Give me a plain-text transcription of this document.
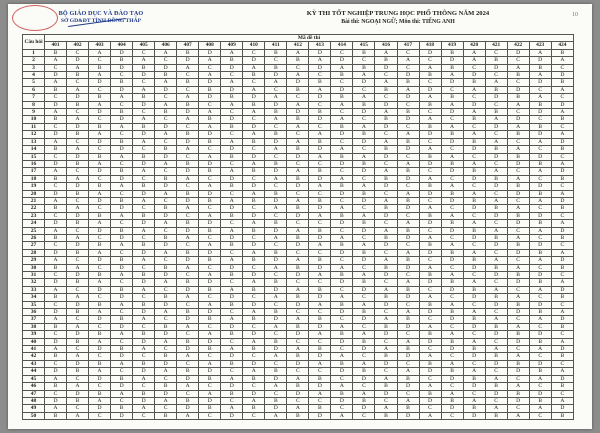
BỘ GIÁO DỤC VÀ ĐÀO TẠO
SỞ GD&ĐT TỈNH ĐỒNG THÁP
KỲ THI TỐT NGHIỆP TRUNG HỌC PHỔ THÔNG NĂM 2024
Bài thi: NGOẠI NGỮ; Môn thi: TIẾNG ANH
10
Câu hỏi	Mã đề thi																							
	401	402	403	404	405	406	407	408	409	410	411	412	413	414	415	416	417	418	419	420	421	422	423	424
1	B	C	A	D	C	A	B	D	A	C	B	A	D	C	B	A	C	D	B	A	C	D	A	B
2	A	D	C	B	A	C	D	A	B	D	C	B	A	D	C	B	A	C	D	A	B	C	D	A
3	C	A	B	D	B	D	A	C	D	A	B	C	D	A	B	D	C	A	B	C	D	A	B	C
4	D	B	A	C	D	B	C	A	C	B	D	A	C	B	A	C	D	B	A	D	C	B	A	D
5	A	C	D	B	C	A	B	D	A	C	A	D	B	C	D	A	B	C	D	B	A	C	D	B
6	B	A	C	D	A	D	C	B	D	A	C	B	A	D	C	B	A	D	C	A	B	D	C	A
7	C	D	B	A	B	C	A	D	B	D	A	C	D	B	A	C	D	A	B	C	D	B	A	C
8	D	B	A	C	D	A	B	C	A	B	D	A	C	A	B	D	C	B	A	D	C	A	B	D
9	A	C	D	B	C	B	D	A	C	A	B	D	B	C	D	A	B	C	D	A	B	C	D	A
10	B	A	C	D	A	C	A	B	D	C	A	B	D	A	C	B	D	A	C	B	A	D	C	B
11	C	D	B	A	B	D	C	A	B	D	C	A	C	B	A	D	C	B	A	C	D	A	B	C
12	D	B	A	C	D	A	B	D	C	A	B	C	A	D	B	C	A	D	B	A	C	B	D	A
13	A	C	D	B	A	C	D	B	A	B	D	A	B	C	D	A	B	C	D	B	A	C	A	D
14	B	A	C	D	C	B	A	C	D	C	A	B	D	A	C	B	D	A	C	D	B	A	C	B
15	C	D	B	A	B	D	C	A	B	D	C	D	A	B	A	D	C	B	A	C	D	B	D	C
16	D	B	A	C	D	A	B	D	C	A	B	C	C	D	B	C	A	D	B	A	C	D	B	A
17	A	C	D	B	A	C	D	B	A	B	D	A	B	C	D	A	B	C	D	B	A	C	A	D
18	B	A	C	D	C	B	A	C	D	C	A	B	D	A	C	B	D	A	C	D	B	A	C	B
19	C	D	B	A	B	D	C	A	B	D	C	D	A	B	A	D	C	B	A	C	D	B	D	C
20	D	B	A	C	D	A	B	D	C	A	B	C	C	D	B	C	A	D	B	A	C	D	B	A
21	A	C	D	B	A	C	D	B	A	B	D	A	B	C	D	A	B	C	D	B	A	C	A	D
22	B	A	C	D	C	B	A	C	D	C	A	B	D	A	C	B	D	A	C	D	B	A	C	B
23	C	D	B	A	B	D	C	A	B	D	C	D	A	B	A	D	C	B	A	C	D	B	D	C
24	D	B	A	C	D	A	B	D	C	A	B	C	C	D	B	C	A	D	B	A	C	D	B	A
25	A	C	D	B	A	C	D	B	A	B	D	A	B	C	D	A	B	C	D	B	A	C	A	D
26	B	A	C	D	C	B	A	C	D	C	A	B	D	A	C	B	D	A	C	D	B	A	C	B
27	C	D	B	A	B	D	C	A	B	D	C	D	A	B	A	D	C	B	A	C	D	B	D	C
28	D	B	A	C	D	A	B	D	C	A	B	C	C	D	B	C	A	D	B	A	C	D	B	A
29	A	C	D	B	A	C	D	B	A	B	D	A	B	C	D	A	B	C	D	B	A	C	A	D
30	B	A	C	D	C	B	A	C	D	C	A	B	D	A	C	B	D	A	C	D	B	A	C	B
31	C	D	B	A	B	D	C	A	B	D	C	D	A	B	A	D	C	B	A	C	D	B	D	C
32	D	B	A	C	D	A	B	D	C	A	B	C	C	D	B	C	A	D	B	A	C	D	B	A
33	A	C	D	B	A	C	D	B	A	B	D	A	B	C	D	A	B	C	D	B	A	C	A	D
34	B	A	C	D	C	B	A	C	D	C	A	B	D	A	C	B	D	A	C	D	B	A	C	B
35	C	D	B	A	B	D	C	A	B	D	C	D	A	B	A	D	C	B	A	C	D	B	D	C
36	D	B	A	C	D	A	B	D	C	A	B	C	C	D	B	C	A	D	B	A	C	D	B	A
37	A	C	D	B	A	C	D	B	A	B	D	A	B	C	D	A	B	C	D	B	A	C	A	D
38	B	A	C	D	C	B	A	C	D	C	A	B	D	A	C	B	D	A	C	D	B	A	C	B
39	C	D	B	A	B	D	C	A	B	D	C	D	A	B	A	D	C	B	A	C	D	B	D	C
40	D	B	A	C	D	A	B	D	C	A	B	C	C	D	B	C	A	D	B	A	C	D	B	A
41	A	C	D	B	A	C	D	B	A	B	D	A	B	C	D	A	B	C	D	B	A	C	A	D
42	B	A	C	D	C	B	A	C	D	C	A	B	D	A	C	B	D	A	C	D	B	A	C	B
43	C	D	B	A	B	D	C	A	B	D	C	D	A	B	A	D	C	B	A	C	D	B	D	C
44	D	B	A	C	D	A	B	D	C	A	B	C	C	D	B	C	A	D	B	A	C	D	B	A
45	A	C	D	B	A	C	D	B	A	B	D	A	B	C	D	A	B	C	D	B	A	C	A	D
46	B	A	C	D	C	B	A	C	D	C	A	B	D	A	C	B	D	A	C	D	B	A	C	B
47	C	D	B	A	B	D	C	A	B	D	C	D	A	B	A	D	C	B	A	C	D	B	D	C
48	D	B	A	C	D	A	B	D	C	A	B	C	C	D	B	C	A	D	B	A	C	D	B	A
49	A	C	D	B	A	C	D	B	A	B	D	A	B	C	D	A	B	C	D	B	A	C	A	D
50	B	A	C	D	C	B	A	C	D	C	A	B	D	A	C	B	D	A	C	D	B	A	C	B
